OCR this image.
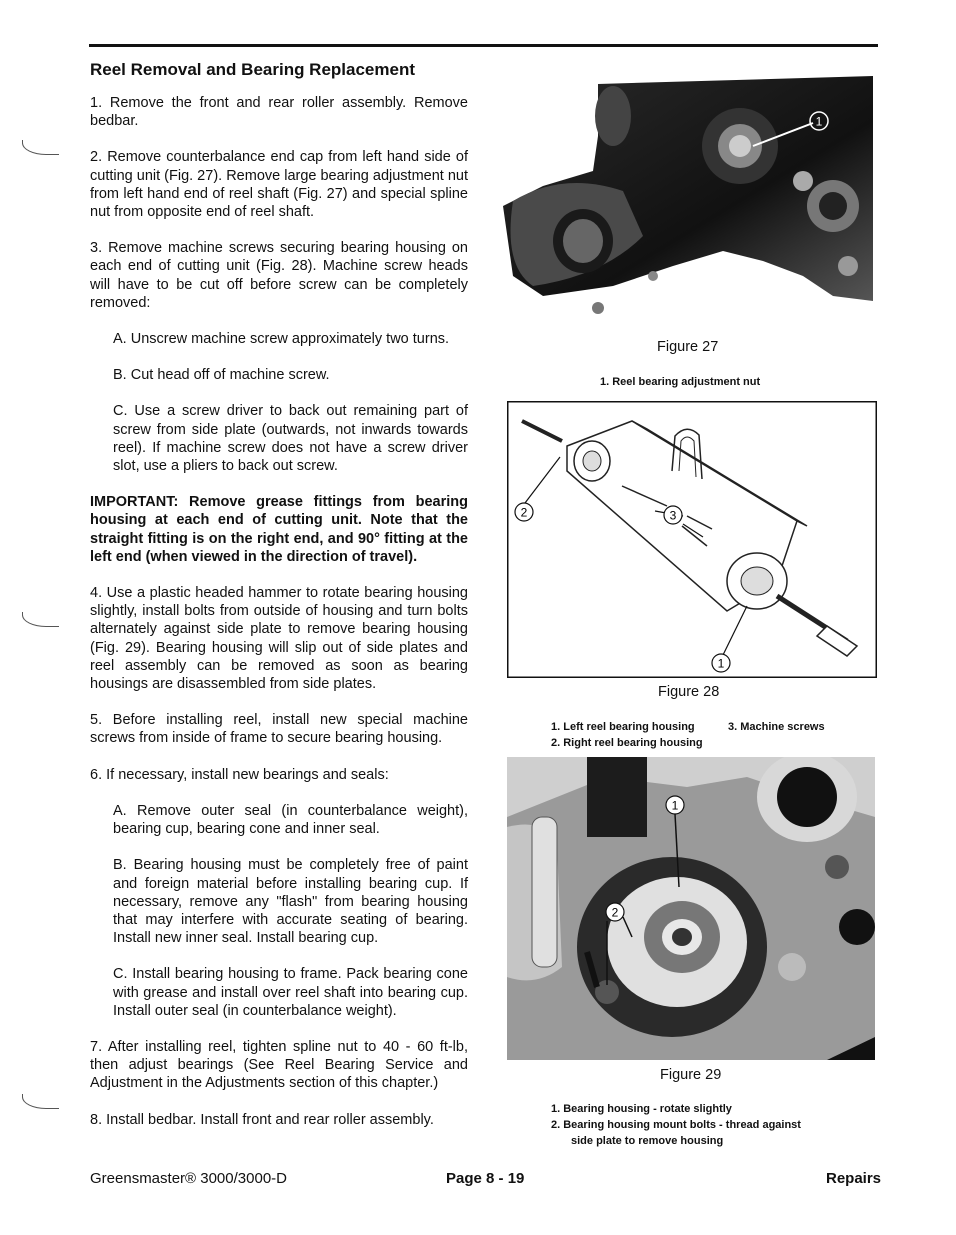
Reel Removal and Bearing Replacement

1. Remove the front and rear roller assembly. Remove bedbar.

2. Remove counterbalance end cap from left hand side of cutting unit (Fig. 27). Remove large bearing adjustment nut from left hand end of reel shaft (Fig. 27) and special spline nut from opposite end of reel shaft.

3. Remove machine screws securing bearing housing on each end of cutting unit (Fig. 28). Machine screw heads will have to be cut off before screw can be completely removed:

A. Unscrew machine screw approximately two turns.

B. Cut head off of machine screw.

C. Use a screw driver to back out remaining part of screw from side plate (outwards, not inwards towards reel). If machine screw does not have a screw driver slot, use a pliers to back out screw.

IMPORTANT: Remove grease fittings from bearing housing at each end of cutting unit. Note that the straight fitting is on the right end, and 90° fitting at the left end (when viewed in the direction of travel).

4. Use a plastic headed hammer to rotate bearing housing slightly, install bolts from outside of housing and turn bolts alternately against side plate to remove bearing housing (Fig. 29). Bearing housing will slip out of side plates and reel assembly can be removed as soon as bearing housings are disassembled from side plates.

5. Before installing reel, install new special machine screws from inside of frame to secure bearing housing.

6. If necessary, install new bearings and seals:

A. Remove outer seal (in counterbalance weight), bearing cup, bearing cone and inner seal.

B. Bearing housing must be completely free of paint and foreign material before installing bearing cup. If necessary, remove any "flash" from bearing housing that may interfere with accurate seating of bearing. Install new inner seal. Install bearing cup.

C. Install bearing housing to frame. Pack bearing cone with grease and install over reel shaft into bearing cup. Install outer seal (in counterbalance weight).

7. After installing reel, tighten spline nut to 40 - 60 ft-lb, then adjust bearings (See Reel Bearing Service and Adjustment in the Adjustments section of this chapter.)

8. Install bedbar. Install front and rear roller assembly.

1
Figure 27
1. Reel bearing adjustment nut
2	3
1
Figure 28
1. Left reel bearing housing	3. Machine screws
2. Right reel bearing housing
1
2
Figure 29
1. Bearing housing - rotate slightly
2. Bearing housing mount bolts - thread against
side plate to remove housing
Greensmaster® 3000/3000-D	Page 8 - 19	Repairs
